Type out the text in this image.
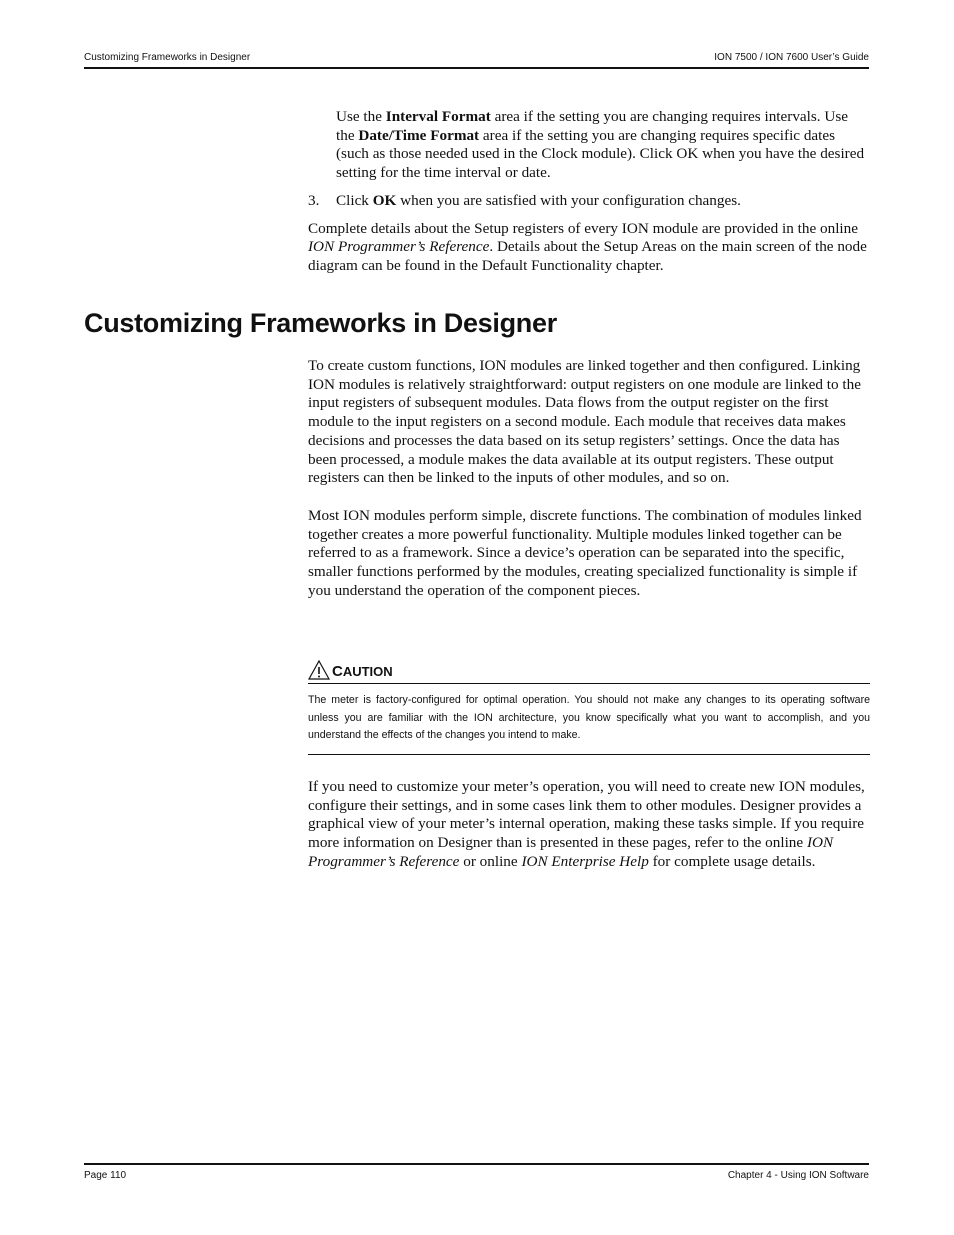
Customizing Frameworks in Designer	ION 7500 / ION 7600 User’s Guide

Use the Interval Format area if the setting you are changing requires intervals. Use the Date/Time Format area if the setting you are changing requires specific dates (such as those needed used in the Clock module). Click OK when you have the desired setting for the time interval or date.

3.	Click OK when you are satisfied with your configuration changes.

Complete details about the Setup registers of every ION module are provided in the online ION Programmer’s Reference. Details about the Setup Areas on the main screen of the node diagram can be found in the Default Functionality chapter.

Customizing Frameworks in Designer

To create custom functions, ION modules are linked together and then configured. Linking ION modules is relatively straightforward: output registers on one module are linked to the input registers of subsequent modules. Data flows from the output register on the first module to the input registers on a second module. Each module that receives data makes decisions and processes the data based on its setup registers’ settings. Once the data has been processed, a module makes the data available at its output registers. These output registers can then be linked to the inputs of other modules, and so on.

Most ION modules perform simple, discrete functions. The combination of modules linked together creates a more powerful functionality. Multiple modules linked together can be referred to as a framework. Since a device’s operation can be separated into the specific, smaller functions performed by the modules, creating specialized functionality is simple if you understand the operation of the component pieces.

CAUTION
The meter is factory-configured for optimal operation. You should not make any changes to its operating software unless you are familiar with the ION architecture, you know specifically what you want to accomplish, and you understand the effects of the changes you intend to make.

If you need to customize your meter’s operation, you will need to create new ION modules, configure their settings, and in some cases link them to other modules. Designer provides a graphical view of your meter’s internal operation, making these tasks simple. If you require more information on Designer than is presented in these pages, refer to the online ION Programmer’s Reference or online ION Enterprise Help for complete usage details.

Page 110	Chapter 4 - Using ION Software
